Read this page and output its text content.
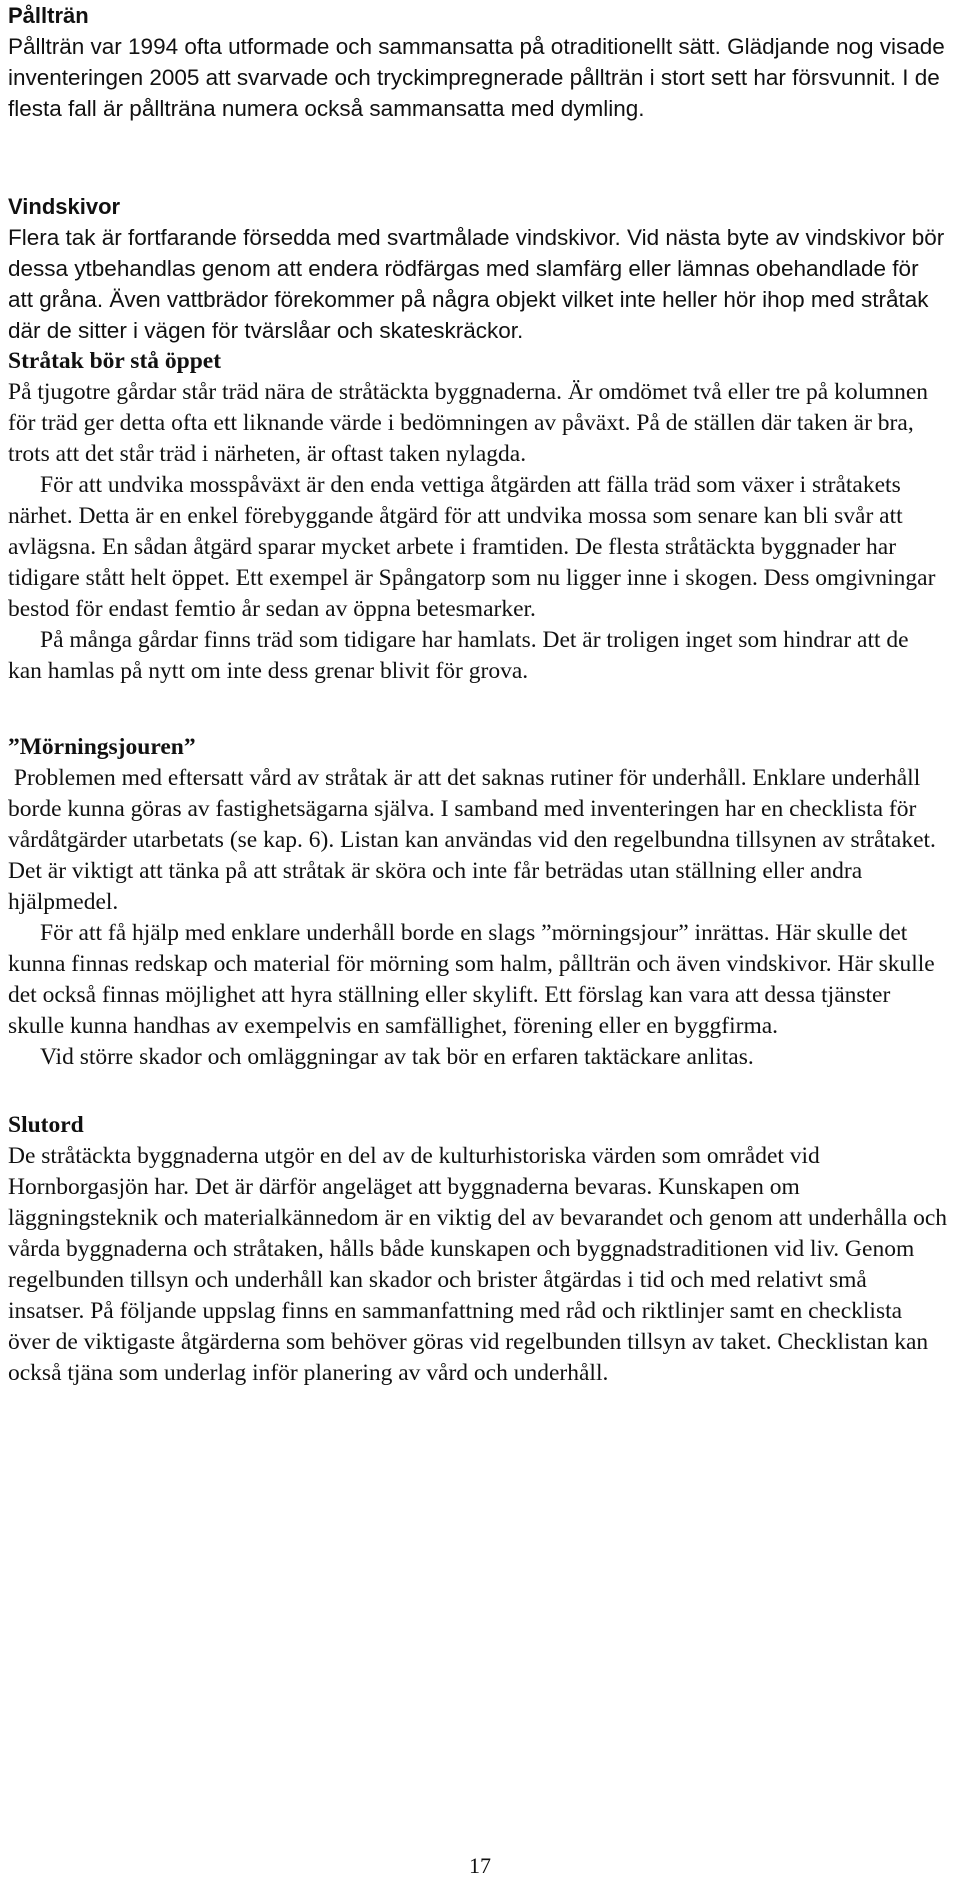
Pållträn

Pållträn var 1994 ofta utformade och sammansatta på otraditionellt sätt. Glädjande nog visade inventeringen 2005 att svarvade och tryckimpregnerade pållträn i stort sett har försvunnit. I de flesta fall är pållträna numera också sammansatta med dymling.

Vindskivor

Flera tak är fortfarande försedda med svartmålade vindskivor. Vid nästa byte av vindskivor bör dessa ytbehandlas genom att endera rödfärgas med slamfärg eller lämnas obehandlade för att gråna. Även vattbrädor förekommer på några objekt vilket inte heller hör ihop med stråtak där de sitter i vägen för tvärslåar och skateskräckor.

Stråtak bör stå öppet

På tjugotre gårdar står träd nära de stråtäckta byggnaderna. Är omdömet två eller tre på kolumnen för träd ger detta ofta ett liknande värde i bedömningen av påväxt. På de ställen där taken är bra, trots att det står träd i närheten, är oftast taken nylagda.

För att undvika mosspåväxt är den enda vettiga åtgärden att fälla träd som växer i stråtakets närhet. Detta är en enkel förebyggande åtgärd för att undvika mossa som senare kan bli svår att avlägsna. En sådan åtgärd sparar mycket arbete i framtiden. De flesta stråtäckta byggnader har tidigare stått helt öppet. Ett exempel är Spångatorp som nu ligger inne i skogen. Dess omgivningar bestod för endast femtio år sedan av öppna betesmarker.

På många gårdar finns träd som tidigare har hamlats. Det är troligen inget som hindrar att de kan hamlas på nytt om inte dess grenar blivit för grova.

”Mörningsjouren”

Problemen med eftersatt vård av stråtak är att det saknas rutiner för underhåll. Enklare underhåll borde kunna göras av fastighetsägarna själva. I samband med inventeringen har en checklista för vårdåtgärder utarbetats (se kap. 6). Listan kan användas vid den regelbundna tillsynen av stråtaket.  Det är viktigt att tänka på att stråtak är sköra och inte får beträdas utan ställning eller andra hjälpmedel.

För att få hjälp med enklare underhåll borde en slags ”mörningsjour” inrättas. Här skulle det kunna finnas redskap och material för mörning som halm, pållträn och även vindskivor. Här skulle det också finnas möjlighet att hyra ställning eller skylift. Ett förslag kan vara att dessa tjänster skulle kunna handhas av exempelvis en samfällighet, förening eller en byggfirma.

Vid större skador och omläggningar av tak bör en erfaren taktäckare anlitas.

Slutord

De stråtäckta byggnaderna utgör en del av de kulturhistoriska värden som området vid Hornborgasjön har. Det är därför angeläget att byggnaderna bevaras. Kunskapen om läggningsteknik och materialkännedom är en viktig del av bevarandet och genom att underhålla och vårda byggnaderna och stråtaken, hålls både kunskapen och byggnadstraditionen vid liv. Genom regelbunden tillsyn och underhåll kan skador och brister åtgärdas i tid och med relativt små insatser. På följande uppslag finns en sammanfattning med råd och riktlinjer samt en checklista över de viktigaste åtgärderna som behöver göras vid regelbunden tillsyn av taket. Checklistan kan också tjäna som underlag inför planering av vård och underhåll.

17
